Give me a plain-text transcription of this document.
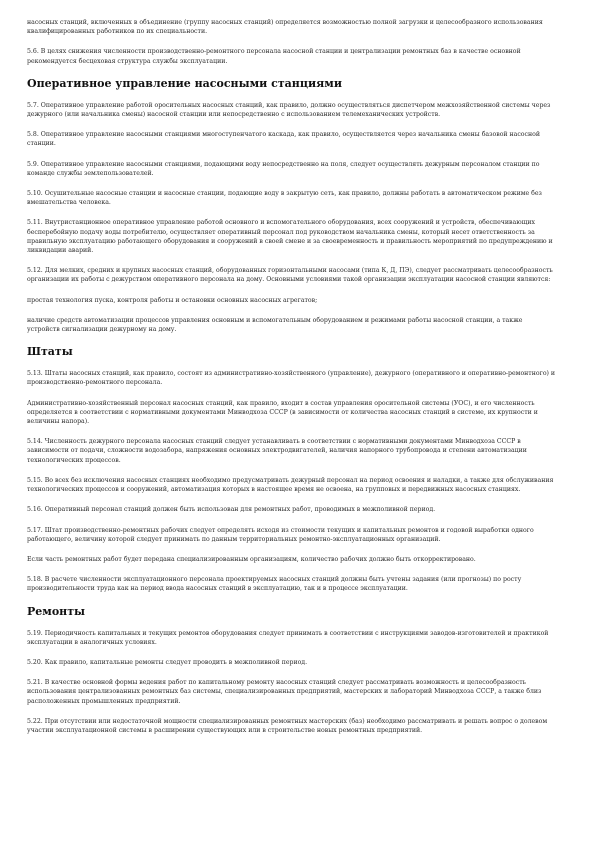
насосных станций, включенных в объединение (группу насосных станций) определяется возможностью полной загрузки и целесообразного использования квалифицированных работников по их специальности.

5.6. В целях снижения численности производственно-ремонтного персонала насосной станции и централизации ремонтных баз в качестве основной рекомендуется бесцеховая структура службы эксплуатации.

Оперативное управление насосными станциями

5.7. Оперативное управление работой оросительных насосных станций, как правило, должно осуществляться диспетчером межхозяйственной системы через дежурного (или начальника смены) насосной станции или непосредственно с использованием телемеханических устройств.

5.8. Оперативное управление насосными станциями многоступенчатого каскада, как правило, осуществляется через начальника смены базовой насосной станции.

5.9. Оперативное управление насосными станциями, подающими воду непосредственно на поля, следует осуществлять дежурным персоналом станции по команде службы землепользователей.

5.10. Осушительные насосные станции и насосные станции, подающие воду в закрытую сеть, как правило, должны работать в автоматическом режиме без вмешательства человека.

5.11. Внутристанционное оперативное управление работой основного и вспомогательного оборудования, всех сооружений и устройств, обеспечивающих бесперебойную подачу воды потребителю, осуществляет оперативный персонал под руководством начальника смены, который несет ответственность за правильную эксплуатацию работающего оборудования и сооружений в своей смене и за своевременность и правильность мероприятий по предупреждению и ликвидации аварий.

5.12. Для мелких, средних и крупных насосных станций, оборудованных горизонтальными насосами (типа К, Д, ПЭ), следует рассматривать целесообразность организации их работы с дежурством оперативного персонала на дому. Основными условиями такой организации эксплуатации насосной станции являются:

простая технология пуска, контроля работы и остановки основных насосных агрегатов;

наличие средств автоматизации процессов управления основным и вспомогательным оборудованием и режимами работы насосной станции, а также устройств сигнализации дежурному на дому.

Штаты

5.13. Штаты насосных станций, как правило, состоят из административно-хозяйственного (управление), дежурного (оперативного и оперативно-ремонтного) и производственно-ремонтного персонала.

Административно-хозяйственный персонал насосных станций, как правило, входит в состав управления оросительной системы (УОС), и его численность определяется в соответствии с нормативными документами Минводхоза СССР (в зависимости от количества насосных станций в системе, их крупности и величины напора).

5.14. Численность дежурного персонала насосных станций следует устанавливать в соответствии с нормативными документами Минводхоза СССР в зависимости от подачи, сложности водозабора, напряжения основных электродвигателей, наличия напорного трубопровода и степени автоматизации технологических процессов.

5.15. Во всех без исключения насосных станциях необходимо предусматривать дежурный персонал на период освоения и наладки, а также для обслуживания технологических процессов и сооружений, автоматизация которых в настоящее время не освоена, на групповых и передвижных насосных станциях.

5.16. Оперативный персонал станций должен быть использован для ремонтных работ, проводимых в межполивной период.

5.17. Штат производственно-ремонтных рабочих следует определять исходя из стоимости текущих и капитальных ремонтов и годовой выработки одного работающего, величину которой следует принимать по данным территориальных ремонтно-эксплуатационных организаций.

Если часть ремонтных работ будет передана специализированным организациям, количество рабочих должно быть откорректировано.

5.18. В расчете численности эксплуатационного персонала проектируемых насосных станций должны быть учтены задания (или прогнозы) по росту производительности труда как на период ввода насосных станций в эксплуатацию, так и в процессе эксплуатации.

Ремонты

5.19. Периодичность капитальных и текущих ремонтов оборудования следует принимать в соответствии с инструкциями заводов-изготовителей и практикой эксплуатации в аналогичных условиях.

5.20. Как правило, капитальные ремонты следует проводить в межполивной период.

5.21. В качестве основной формы ведения работ по капитальному ремонту насосных станций следует рассматривать возможность и целесообразность использования централизованных ремонтных баз системы, специализированных предприятий, мастерских и лабораторий Минводхоза СССР, а также близ расположенных промышленных предприятий.

5.22. При отсутствии или недостаточной мощности специализированных ремонтных мастерских (баз) необходимо рассматривать и решать вопрос о долевом участии эксплуатационной системы в расширении существующих или в строительстве новых ремонтных предприятий.
